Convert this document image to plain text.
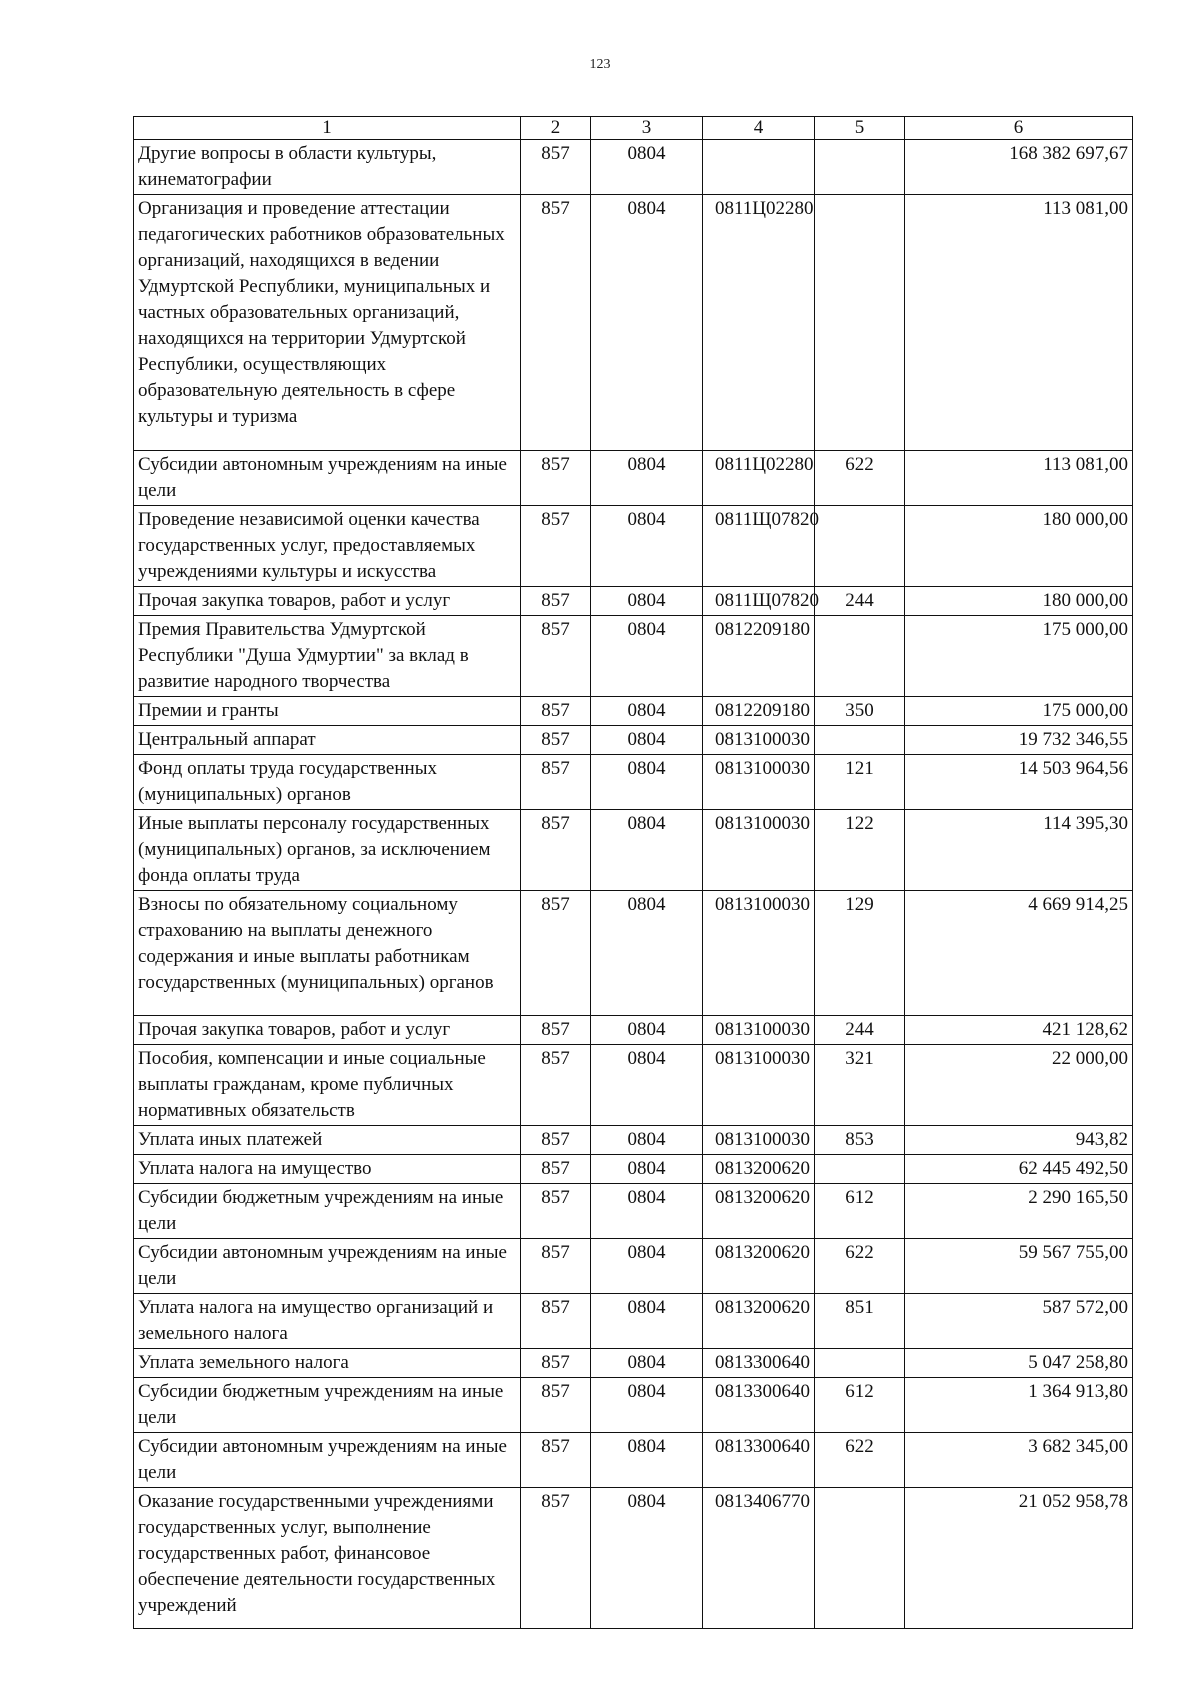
123
1	2	3	4	5	6
Другие вопросы в области культуры, кинематографии	857	0804			168 382 697,67
Организация и проведение аттестации педагогических работников образовательных организаций, находящихся в ведении Удмуртской Республики, муниципальных и частных образовательных организаций, находящихся на территории Удмуртской Республики, осуществляющих образовательную деятельность в сфере культуры и туризма	857	0804	0811Ц02280		113 081,00
Субсидии автономным учреждениям на иные цели	857	0804	0811Ц02280	622	113 081,00
Проведение независимой оценки качества государственных услуг, предоставляемых учреждениями культуры и искусства	857	0804	0811Щ07820		180 000,00
Прочая закупка товаров, работ и услуг	857	0804	0811Щ07820	244	180 000,00
Премия Правительства Удмуртской Республики "Душа Удмуртии" за вклад в развитие народного творчества	857	0804	0812209180		175 000,00
Премии и гранты	857	0804	0812209180	350	175 000,00
Центральный аппарат	857	0804	0813100030		19 732 346,55
Фонд оплаты труда государственных (муниципальных) органов	857	0804	0813100030	121	14 503 964,56
Иные выплаты персоналу государственных (муниципальных) органов, за исключением фонда оплаты труда	857	0804	0813100030	122	114 395,30
Взносы по обязательному социальному страхованию на выплаты денежного содержания и иные выплаты работникам государственных (муниципальных) органов	857	0804	0813100030	129	4 669 914,25
Прочая закупка товаров, работ и услуг	857	0804	0813100030	244	421 128,62
Пособия, компенсации и иные социальные выплаты гражданам, кроме публичных нормативных обязательств	857	0804	0813100030	321	22 000,00
Уплата иных платежей	857	0804	0813100030	853	943,82
Уплата налога на имущество	857	0804	0813200620		62 445 492,50
Субсидии бюджетным учреждениям на иные цели	857	0804	0813200620	612	2 290 165,50
Субсидии автономным учреждениям на иные цели	857	0804	0813200620	622	59 567 755,00
Уплата налога на имущество организаций и земельного налога	857	0804	0813200620	851	587 572,00
Уплата земельного налога	857	0804	0813300640		5 047 258,80
Субсидии бюджетным учреждениям на иные цели	857	0804	0813300640	612	1 364 913,80
Субсидии автономным учреждениям на иные цели	857	0804	0813300640	622	3 682 345,00
Оказание государственными учреждениями государственных услуг, выполнение государственных работ, финансовое обеспечение деятельности государственных учреждений	857	0804	0813406770		21 052 958,78
